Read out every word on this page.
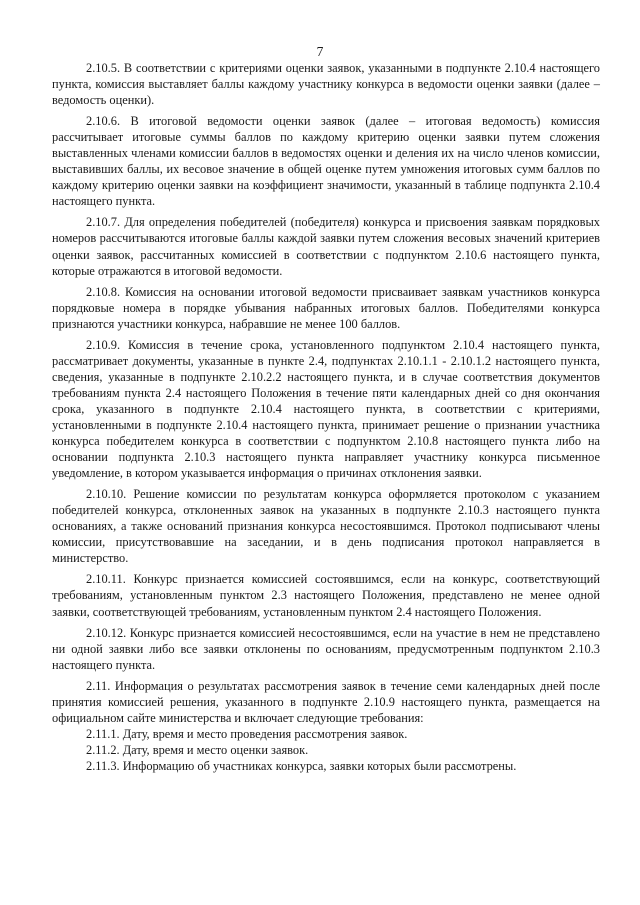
7

2.10.5. В соответствии с критериями оценки заявок, указанными в подпункте 2.10.4 настоящего пункта, комиссия выставляет баллы каждому участнику конкурса в ведомости оценки заявки (далее – ведомость оценки).

2.10.6. В итоговой ведомости оценки заявок (далее – итоговая ведомость) комиссия рассчитывает итоговые суммы баллов по каждому критерию оценки заявки путем сложения выставленных членами комиссии баллов в ведомостях оценки и деления их на число членов комиссии, выставивших баллы, их весовое значение в общей оценке путем умножения итоговых сумм баллов по каждому критерию оценки заявки на коэффициент значимости, указанный в таблице подпункта 2.10.4 настоящего пункта.

2.10.7. Для определения победителей (победителя) конкурса и присвоения заявкам порядковых номеров рассчитываются итоговые баллы каждой заявки путем сложения весовых значений критериев оценки заявок, рассчитанных комиссией в соответствии с подпунктом 2.10.6 настоящего пункта, которые отражаются в итоговой ведомости.

2.10.8. Комиссия на основании итоговой ведомости присваивает заявкам участников конкурса порядковые номера в порядке убывания набранных итоговых баллов. Победителями конкурса признаются участники конкурса, набравшие не менее 100 баллов.

2.10.9. Комиссия в течение срока, установленного подпунктом 2.10.4 настоящего пункта, рассматривает документы, указанные в пункте 2.4, подпунктах 2.10.1.1 - 2.10.1.2 настоящего пункта, сведения, указанные в подпункте 2.10.2.2 настоящего пункта, и в случае соответствия документов требованиям пункта 2.4 настоящего Положения в течение пяти календарных дней со дня окончания срока, указанного в подпункте 2.10.4 настоящего пункта, в соответствии с критериями, установленными в подпункте 2.10.4 настоящего пункта, принимает решение о признании участника конкурса победителем конкурса в соответствии с подпунктом 2.10.8 настоящего пункта либо на основании подпункта 2.10.3 настоящего пункта направляет участнику конкурса письменное уведомление, в котором указывается информация о причинах отклонения заявки.

2.10.10. Решение комиссии по результатам конкурса оформляется протоколом с указанием победителей конкурса, отклоненных заявок на указанных в подпункте 2.10.3 настоящего пункта основаниях, а также оснований признания конкурса несостоявшимся. Протокол подписывают члены комиссии, присутствовавшие на заседании, и в день подписания протокол направляется в министерство.

2.10.11. Конкурс признается комиссией состоявшимся, если на конкурс, соответствующий требованиям, установленным пунктом 2.3 настоящего Положения, представлено не менее одной заявки, соответствующей требованиям, установленным пунктом 2.4 настоящего Положения.

2.10.12. Конкурс признается комиссией несостоявшимся, если на участие в нем не представлено ни одной заявки либо все заявки отклонены по основаниям, предусмотренным подпунктом 2.10.3 настоящего пункта.

2.11. Информация о результатах рассмотрения заявок в течение семи календарных дней после принятия комиссией решения, указанного в подпункте 2.10.9 настоящего пункта, размещается на официальном сайте министерства и включает следующие требования:

2.11.1. Дату, время и место проведения рассмотрения заявок.

2.11.2. Дату, время и место оценки заявок.

2.11.3. Информацию об участниках конкурса, заявки которых были рассмотрены.
